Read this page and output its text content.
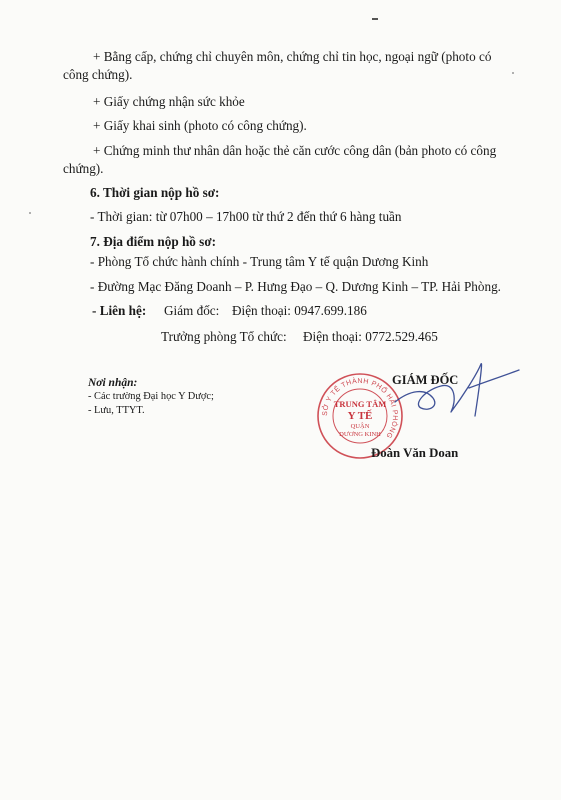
+ Bằng cấp, chứng chỉ chuyên môn, chứng chỉ tin học, ngoại ngữ (photo có
công chứng).
+ Giấy chứng nhận sức khỏe
+ Giấy khai sinh (photo có công chứng).
+ Chứng minh thư nhân dân hoặc thẻ căn cước công dân (bản photo có công
chứng).
6. Thời gian nộp hồ sơ:
- Thời gian: từ 07h00 – 17h00 từ thứ 2 đến thứ 6 hàng tuần
7. Địa điểm nộp hồ sơ:
- Phòng Tổ chức hành chính - Trung tâm Y tế quận Dương Kinh
- Đường Mạc Đăng Doanh – P. Hưng Đạo – Q. Dương Kinh – TP. Hải Phòng.
- Liên hệ: Giám đốc: Điện thoại: 0947.699.186
Trưởng phòng Tổ chức: Điện thoại: 0772.529.465
Nơi nhận:
- Các trường Đại học Y Dược;
- Lưu, TTYT.	SỞ Y TẾ THÀNH PHỐ HẢI PHÒNG
TRUNG TÂM
Y TẾ
QUẬN
DƯƠNG KINH
GIÁM ĐỐC
Đoàn Văn Doan
